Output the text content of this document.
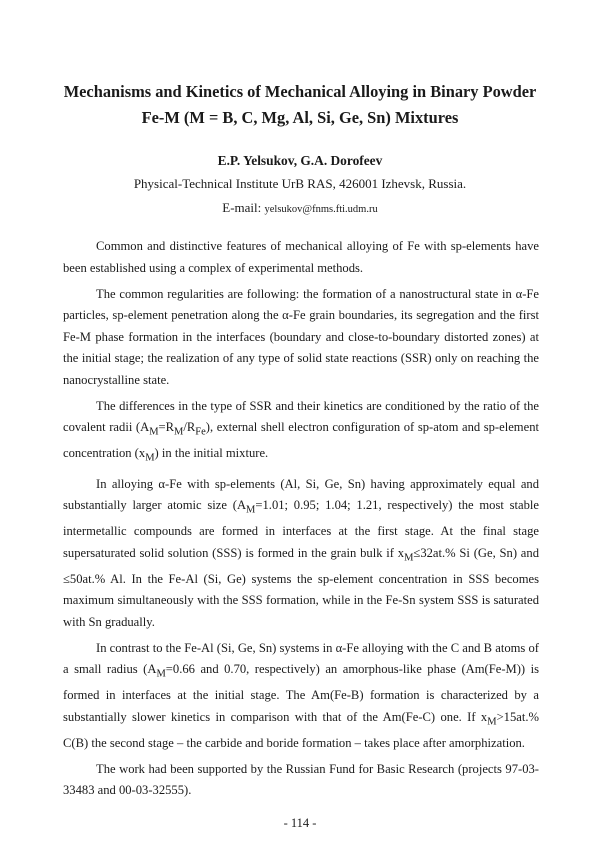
Mechanisms and Kinetics of Mechanical Alloying in Binary Powder
Fe-M (M = B, C, Mg, Al, Si, Ge, Sn) Mixtures
E.P. Yelsukov, G.A. Dorofeev
Physical-Technical Institute UrB RAS, 426001 Izhevsk, Russia.
E-mail: yelsukov@fnms.fti.udm.ru

Common and distinctive features of mechanical alloying of Fe with sp-elements have been established using a complex of experimental methods.

The common regularities are following: the formation of a nanostructural state in α-Fe particles, sp-element penetration along the α-Fe grain boundaries, its segregation and the first Fe-M phase formation in the interfaces (boundary and close-to-boundary distorted zones) at the initial stage; the realization of any type of solid state reactions (SSR) only on reaching the nanocrystalline state.

The differences in the type of SSR and their kinetics are conditioned by the ratio of the covalent radii $(A_M=R_M/R_{Fe})$, external shell electron configuration of sp-atom and sp-element concentration $(x_M)$ in the initial mixture.

In alloying α-Fe with sp-elements (Al, Si, Ge, Sn) having approximately equal and substantially larger atomic size ($A_M=1.01$; 0.95; 1.04; 1.21, respectively) the most stable intermetallic compounds are formed in interfaces at the first stage. At the final stage supersaturated solid solution (SSS) is formed in the grain bulk if $x_M\le 32at.\%$ Si (Ge, Sn) and ≤50at.% Al. In the Fe-Al (Si, Ge) systems the sp-element concentration in SSS becomes maximum simultaneously with the SSS formation, while in the Fe-Sn system SSS is saturated with Sn gradually.

In contrast to the Fe-Al (Si, Ge, Sn) systems in α-Fe alloying with the C and B atoms of a small radius ($A_M=0.66$ and 0.70, respectively) an amorphous-like phase (Am(Fe-M)) is formed in interfaces at the initial stage. The Am(Fe-B) formation is characterized by a substantially slower kinetics in comparison with that of the Am(Fe-C) one. If $x_M>15at.\%$ C(B) the second stage – the carbide and boride formation – takes place after amorphization.

The work had been supported by the Russian Fund for Basic Research (projects 97-03-33483 and 00-03-32555).

- 114 -
